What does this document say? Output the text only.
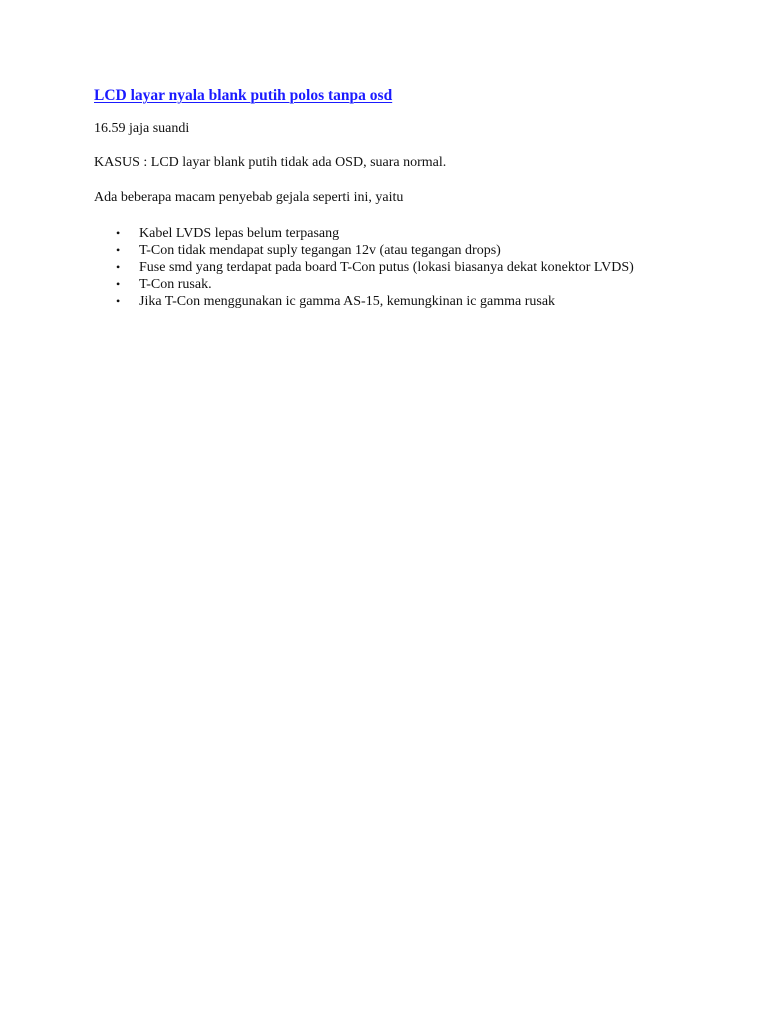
LCD layar nyala blank putih polos tanpa osd

16.59 jaja suandi

KASUS : LCD layar blank putih tidak ada OSD, suara normal.

Ada beberapa macam penyebab gejala seperti ini, yaitu

• Kabel LVDS lepas belum terpasang
• T-Con tidak mendapat suply tegangan 12v (atau tegangan drops)
• Fuse smd yang terdapat pada board T-Con putus (lokasi biasanya dekat konektor LVDS)
• T-Con rusak.
• Jika T-Con menggunakan ic gamma AS-15, kemungkinan ic gamma rusak
